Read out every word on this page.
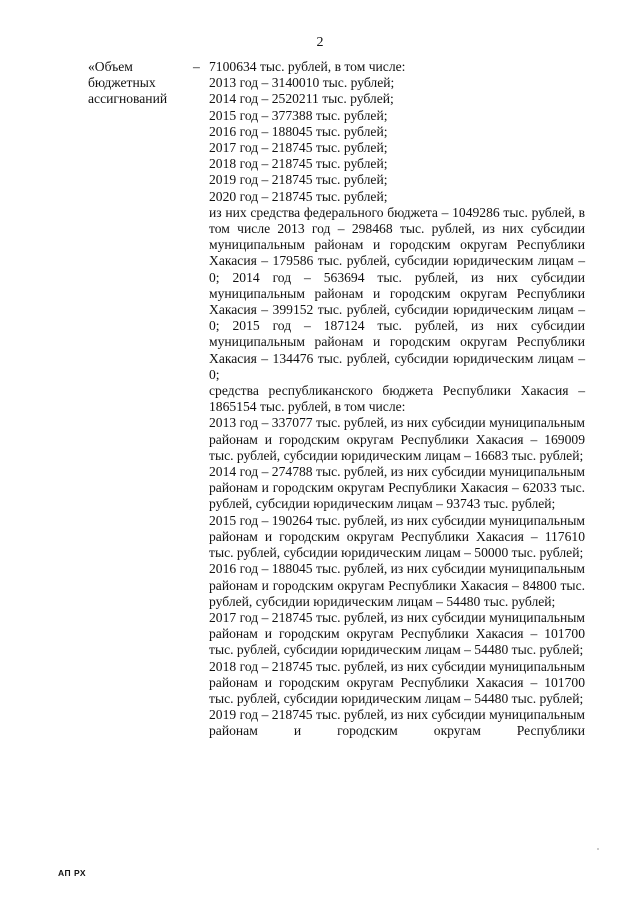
2
«Объем
бюджетных
ассигнований
– 7100634 тыс. рублей, в том числе:

2013 год – 3140010 тыс. рублей;

2014 год – 2520211 тыс. рублей;

2015 год – 377388 тыс. рублей;

2016 год – 188045 тыс. рублей;

2017 год – 218745 тыс. рублей;

2018 год – 218745 тыс. рублей;

2019 год – 218745 тыс. рублей;

2020 год – 218745 тыс. рублей;

из них средства федерального бюджета – 1049286 тыс. рублей, в том числе 2013 год – 298468 тыс. рублей, из них субсидии муниципальным районам и городским округам Республики Хакасия – 179586 тыс. рублей, субсидии юридическим лицам – 0; 2014 год – 563694 тыс. рублей, из них субсидии муниципальным районам и городским округам Республики Хакасия – 399152 тыс. рублей, субсидии юридическим лицам – 0; 2015 год – 187124 тыс. рублей, из них субсидии муниципальным районам и городским округам Республики Хакасия – 134476 тыс. рублей, субсидии юридическим лицам – 0;

средства республиканского бюджета Республики Хакасия – 1865154 тыс. рублей, в том числе:

2013 год – 337077 тыс. рублей, из них субсидии муниципальным районам и городским округам Республики Хакасия – 169009 тыс. рублей, субсидии юридическим лицам – 16683 тыс. рублей;

2014 год – 274788 тыс. рублей, из них субсидии муниципальным районам и городским округам Республики Хакасия – 62033 тыс. рублей, субсидии юридическим лицам – 93743 тыс. рублей;

2015 год – 190264 тыс. рублей, из них субсидии муниципальным районам и городским округам Республики Хакасия – 117610 тыс. рублей, субсидии юридическим лицам – 50000 тыс. рублей;

2016 год – 188045 тыс. рублей, из них субсидии муниципальным районам и городским округам Республики Хакасия – 84800 тыс. рублей, субсидии юридическим лицам – 54480 тыс. рублей;

2017 год – 218745 тыс. рублей, из них субсидии муниципальным районам и городским округам Республики Хакасия – 101700 тыс. рублей, субсидии юридическим лицам – 54480 тыс. рублей;

2018 год – 218745 тыс. рублей, из них субсидии муниципальным районам и городским округам Республики Хакасия – 101700 тыс. рублей, субсидии юридическим лицам – 54480 тыс. рублей;

2019 год – 218745 тыс. рублей, из них субсидии муниципальным районам и городским округам Республики

АП РХ
